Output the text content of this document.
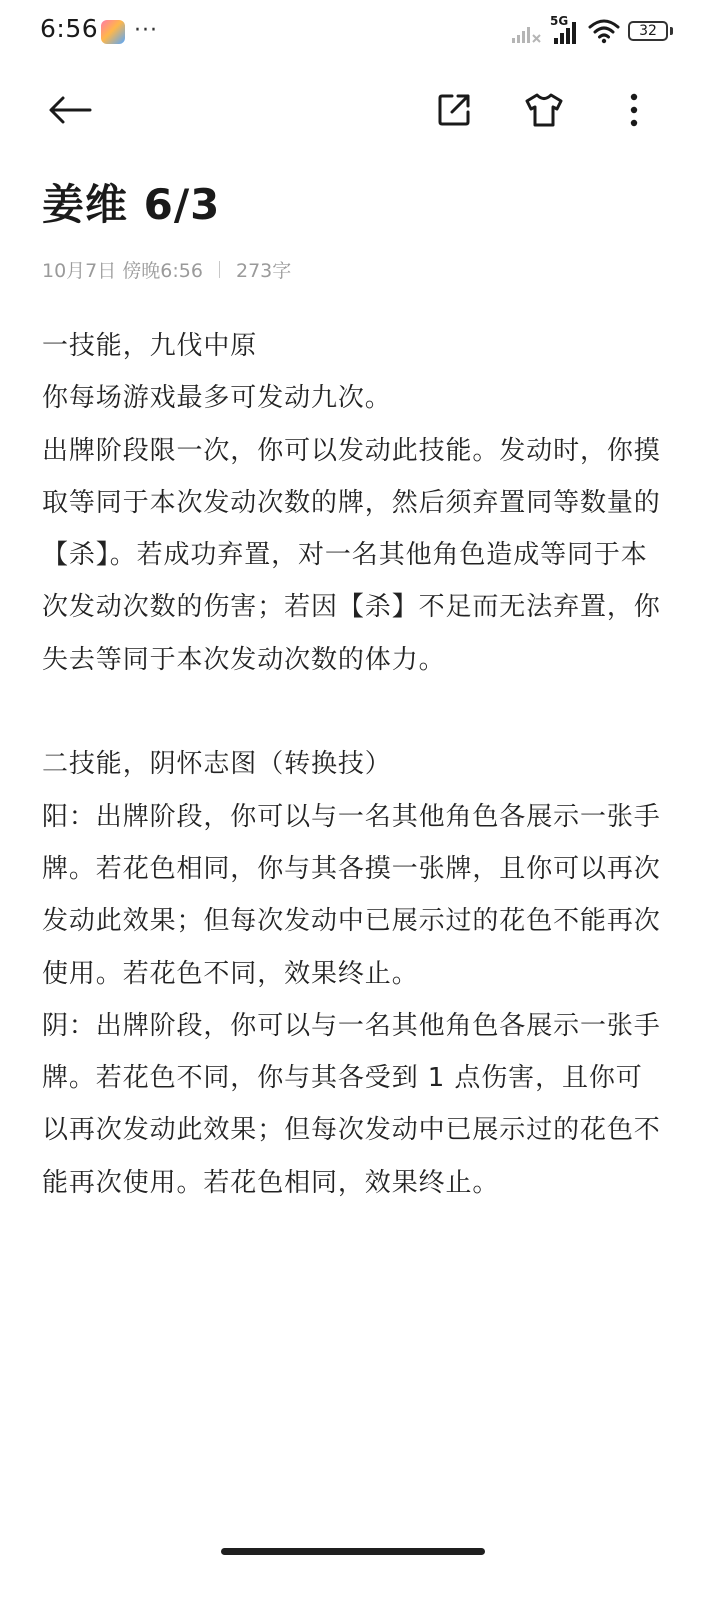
6:56 ···	5G
32
姜维 6/3
10月7日 傍晚6:56 273字

一技能，九伐中原

你每场游戏最多可发动九次。

出牌阶段限一次，你可以发动此技能。发动时，你摸取等同于本次发动次数的牌，然后须弃置同等数量的【杀】。若成功弃置，对一名其他角色造成等同于本次发动次数的伤害；若因【杀】不足而无法弃置，你失去等同于本次发动次数的体力。

二技能，阴怀志图（转换技）

阳：出牌阶段，你可以与一名其他角色各展示一张手牌。若花色相同，你与其各摸一张牌，且你可以再次发动此效果；但每次发动中已展示过的花色不能再次使用。若花色不同，效果终止。

阴：出牌阶段，你可以与一名其他角色各展示一张手牌。若花色不同，你与其各受到 1 点伤害，且你可以再次发动此效果；但每次发动中已展示过的花色不能再次使用。若花色相同，效果终止。
